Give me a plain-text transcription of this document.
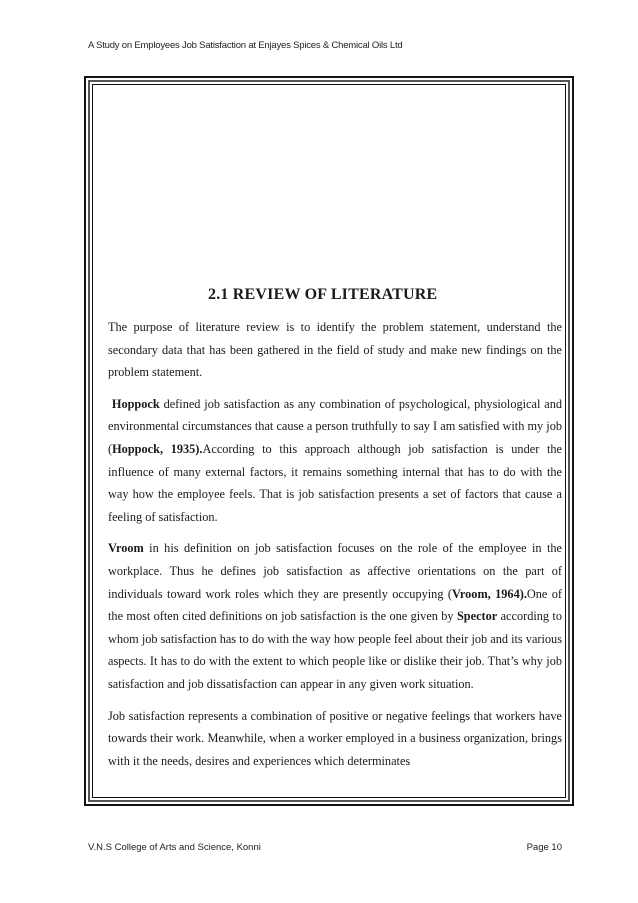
A Study on Employees Job Satisfaction at Enjayes Spices & Chemical Oils Ltd
2.1 REVIEW OF LITERATURE

The purpose of literature review is to identify the problem statement, understand the secondary data that has been gathered in the field of study and make new findings on the problem statement.

Hoppock defined job satisfaction as any combination of psychological, physiological and environmental circumstances that cause a person truthfully to say I am satisfied with my job (Hoppock, 1935).According to this approach although job satisfaction is under the influence of many external factors, it remains something internal that has to do with the way how the employee feels. That is job satisfaction presents a set of factors that cause a feeling of satisfaction.

Vroom in his definition on job satisfaction focuses on the role of the employee in the workplace. Thus he defines job satisfaction as affective orientations on the part of individuals toward work roles which they are presently occupying (Vroom, 1964).One of the most often cited definitions on job satisfaction is the one given by Spector according to whom job satisfaction has to do with the way how people feel about their job and its various aspects. It has to do with the extent to which people like or dislike their job. That’s why job satisfaction and job dissatisfaction can appear in any given work situation.

Job satisfaction represents a combination of positive or negative feelings that workers have towards their work. Meanwhile, when a worker employed in a business organization, brings with it the needs, desires and experiences which determinates

V.N.S College of Arts and Science, Konni	Page 10
